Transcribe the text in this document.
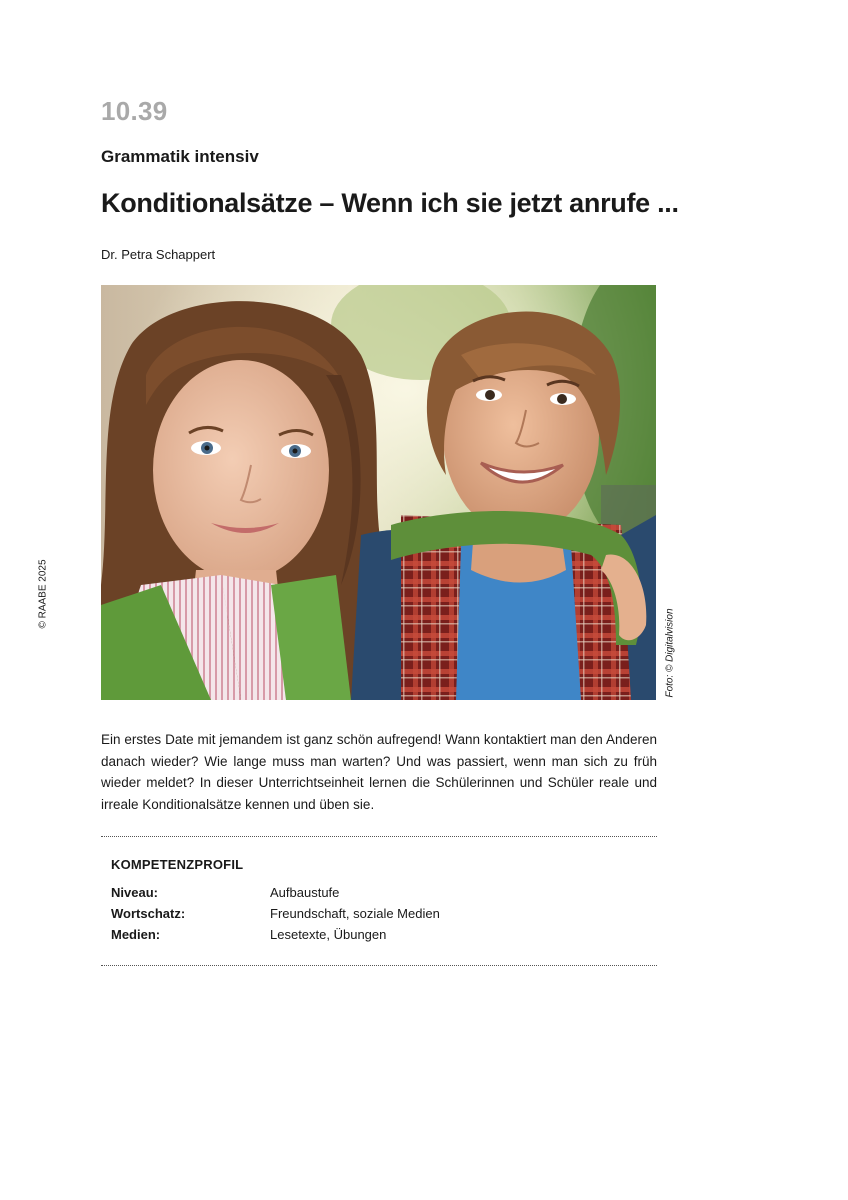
10.39
Grammatik intensiv
Konditionalsätze – Wenn ich sie jetzt anrufe ...
Dr. Petra Schappert
© RAABE 2025
Foto: © Digitalvision

Ein erstes Date mit jemandem ist ganz schön aufregend! Wann kontaktiert man den Anderen danach wieder? Wie lange muss man warten? Und was passiert, wenn man sich zu früh wieder meldet? In dieser Unterrichtseinheit lernen die Schülerinnen und Schüler reale und irreale Konditionalsätze kennen und üben sie.

KOMPETENZPROFIL
Niveau:	Aufbaustufe
Wortschatz:	Freundschaft, soziale Medien
Medien:	Lesetexte, Übungen
